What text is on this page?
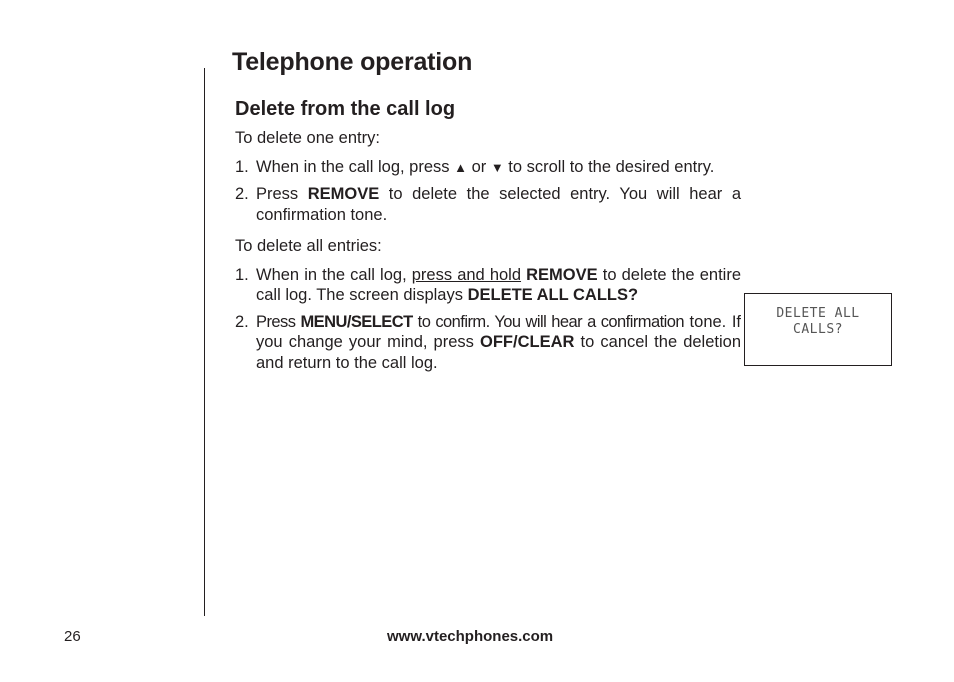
Telephone operation
Delete from the call log

To delete one entry:

1. When in the call log, press ▲ or ▼ to scroll to the desired entry.
2. Press REMOVE to delete the selected entry. You will hear a confirmation tone.

To delete all entries:

1. When in the call log, press and hold REMOVE to delete the entire call log. The screen displays DELETE ALL CALLS?
2. Press MENU/SELECT to confirm. You will hear a confirmation tone. If you change your mind, press OFF/CLEAR to cancel the deletion and return to the call log.

DELETE ALL
CALLS?

26	www.vtechphones.com
